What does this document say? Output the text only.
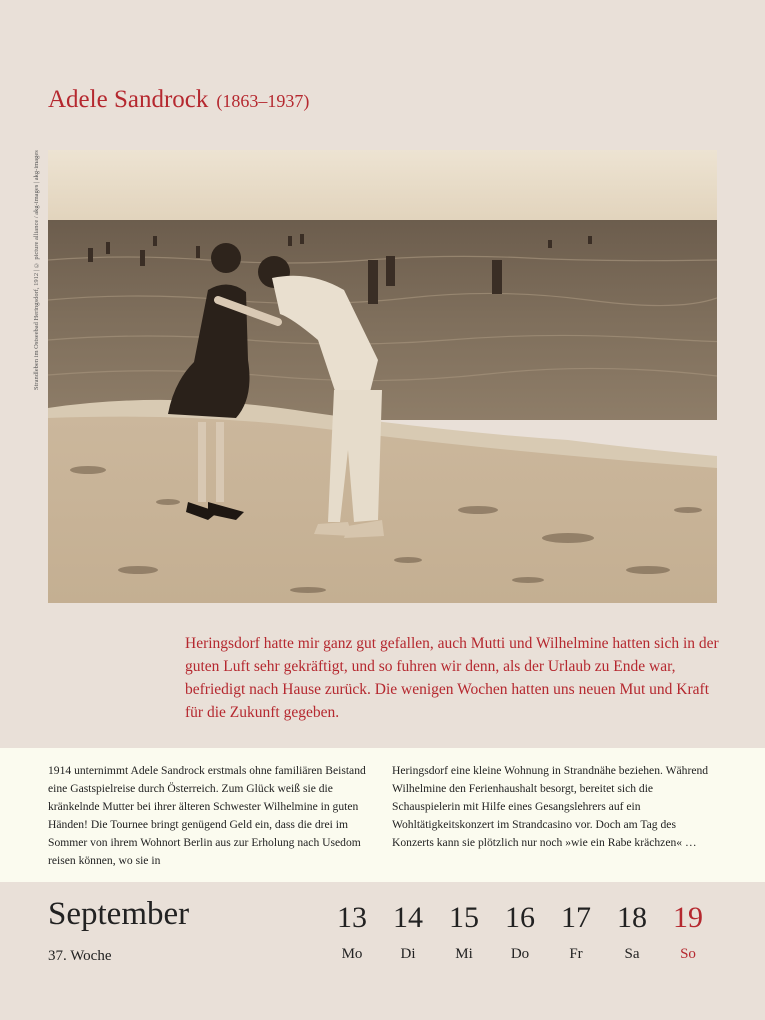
Adele Sandrock (1863–1937)
Strandleben im Ostseebad Heringsdorf, 1912 | © picture alliance / akg-images | akg-images

Heringsdorf hatte mir ganz gut gefallen, auch Mutti und Wilhelmine hatten sich in der guten Luft sehr gekräftigt, und so fuhren wir denn, als der Urlaub zu Ende war, befriedigt nach Hause zurück. Die wenigen Wochen hatten uns neuen Mut und Kraft für die Zukunft gegeben.

1914 unternimmt Adele Sandrock erstmals ohne familiären Beistand eine Gastspielreise durch Österreich. Zum Glück weiß sie die kränkelnde Mutter bei ihrer älteren Schwester Wilhelmine in guten Händen! Die Tournee bringt genügend Geld ein, dass die drei im Sommer von ihrem Wohnort Berlin aus zur Erholung nach Usedom reisen können, wo sie in

Heringsdorf eine kleine Wohnung in Strandnähe beziehen. Während Wilhelmine den Ferienhaushalt besorgt, bereitet sich die Schauspielerin mit Hilfe eines Gesangslehrers auf ein Wohltätigkeitskonzert im Strandcasino vor. Doch am Tag des Konzerts kann sie plötzlich nur noch »wie ein Rabe krächzen« …

September
37. Woche
13
Mo
14
Di
15
Mi
16
Do
17
Fr
18
Sa
19
So
